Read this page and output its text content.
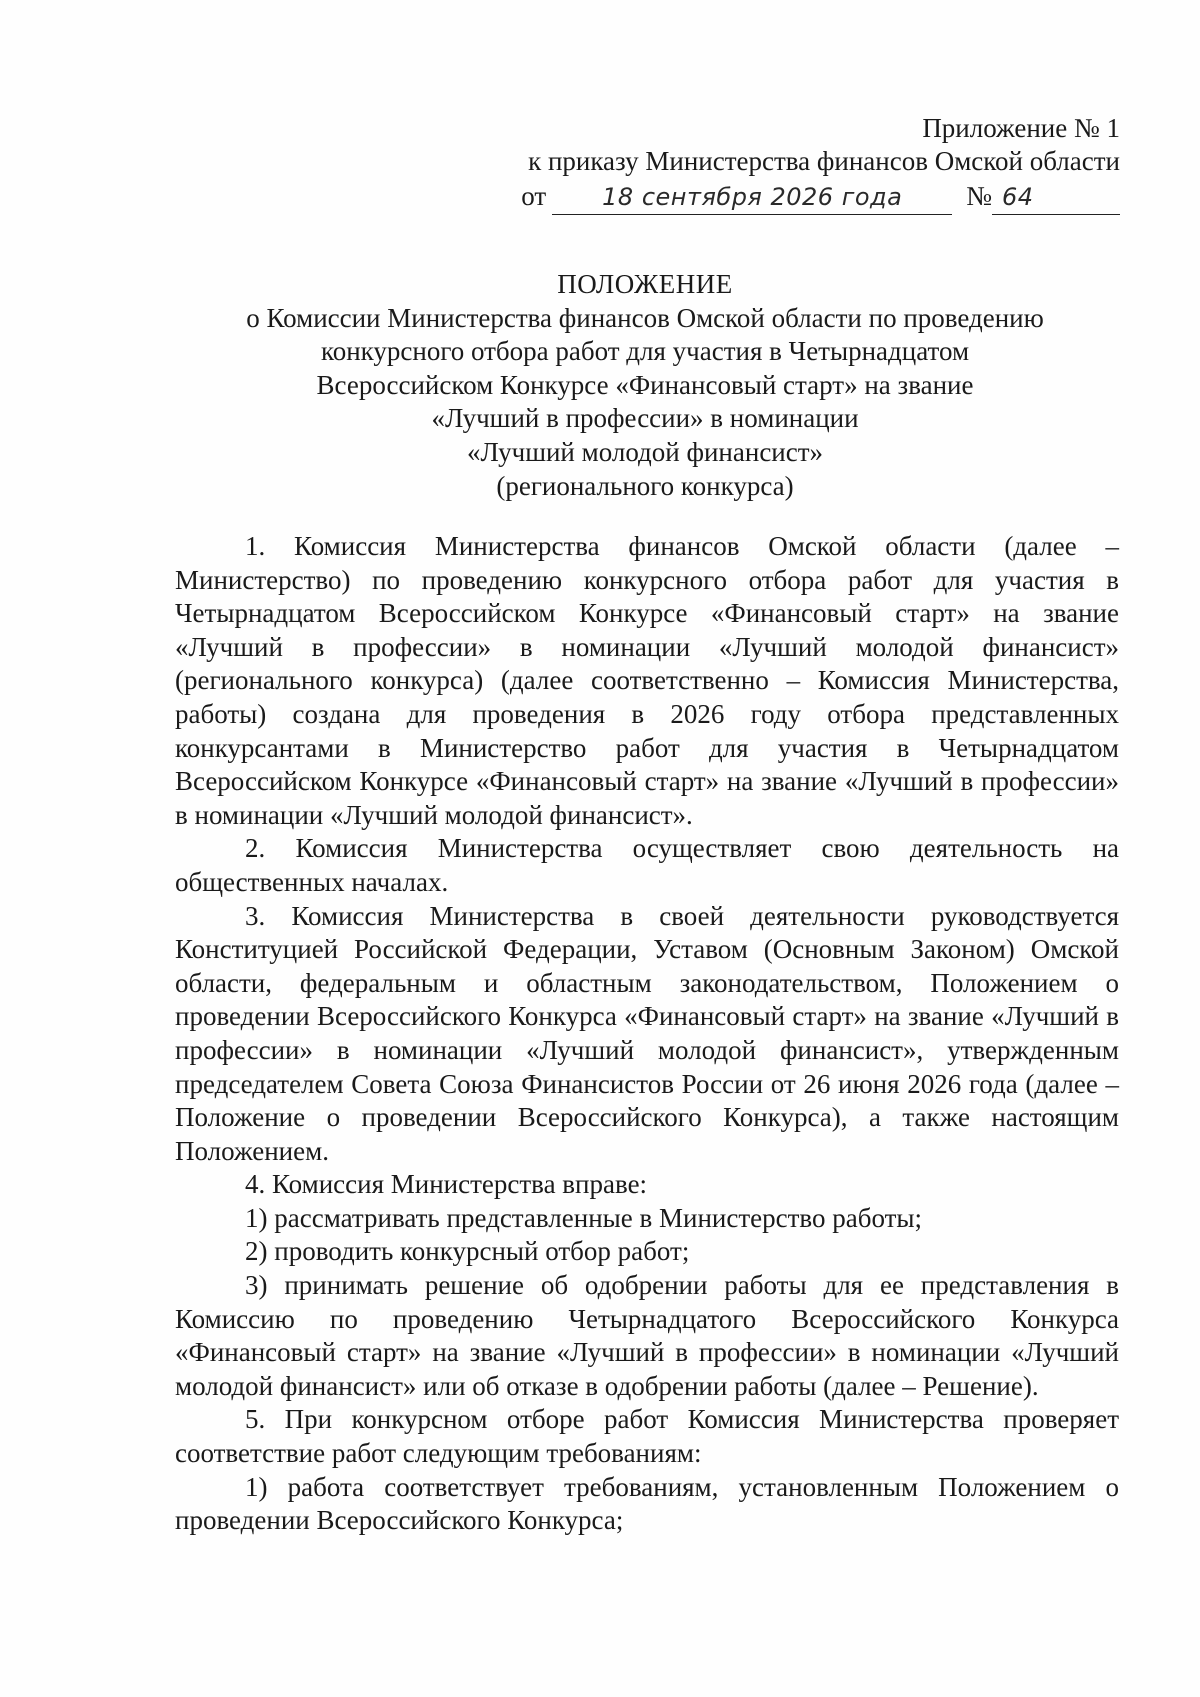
Приложение № 1
к приказу Министерства финансов Омской области
от	18 сентября 2026 года	№ 64
ПОЛОЖЕНИЕ
о Комиссии Министерства финансов Омской области по проведению
конкурсного отбора работ для участия в Четырнадцатом
Всероссийском Конкурсе «Финансовый старт» на звание
«Лучший в профессии» в номинации
«Лучший молодой финансист»
(регионального конкурса)

1. Комиссия Министерства финансов Омской области (далее – Министерство) по проведению конкурсного отбора работ для участия в Четырнадцатом Всероссийском Конкурсе «Финансовый старт» на звание «Лучший в профессии» в номинации «Лучший молодой финансист» (регионального конкурса) (далее соответственно – Комиссия Министерства, работы) создана для проведения в 2026 году отбора представленных конкурсантами в Министерство работ для участия в Четырнадцатом Всероссийском Конкурсе «Финансовый старт» на звание «Лучший в профессии» в номинации «Лучший молодой финансист».

2. Комиссия Министерства осуществляет свою деятельность на общественных началах.

3. Комиссия Министерства в своей деятельности руководствуется Конституцией Российской Федерации, Уставом (Основным Законом) Омской области, федеральным и областным законодательством, Положением о проведении Всероссийского Конкурса «Финансовый старт» на звание «Лучший в профессии» в номинации «Лучший молодой финансист», утвержденным председателем Совета Союза Финансистов России от 26 июня 2026 года (далее – Положение о проведении Всероссийского Конкурса), а также настоящим Положением.

4. Комиссия Министерства вправе:

1) рассматривать представленные в Министерство работы;

2) проводить конкурсный отбор работ;

3) принимать решение об одобрении работы для ее представления в Комиссию по проведению Четырнадцатого Всероссийского Конкурса «Финансовый старт» на звание «Лучший в профессии» в номинации «Лучший молодой финансист» или об отказе в одобрении работы (далее – Решение).

5. При конкурсном отборе работ Комиссия Министерства проверяет соответствие работ следующим требованиям:

1) работа соответствует требованиям, установленным Положением о проведении Всероссийского Конкурса;
